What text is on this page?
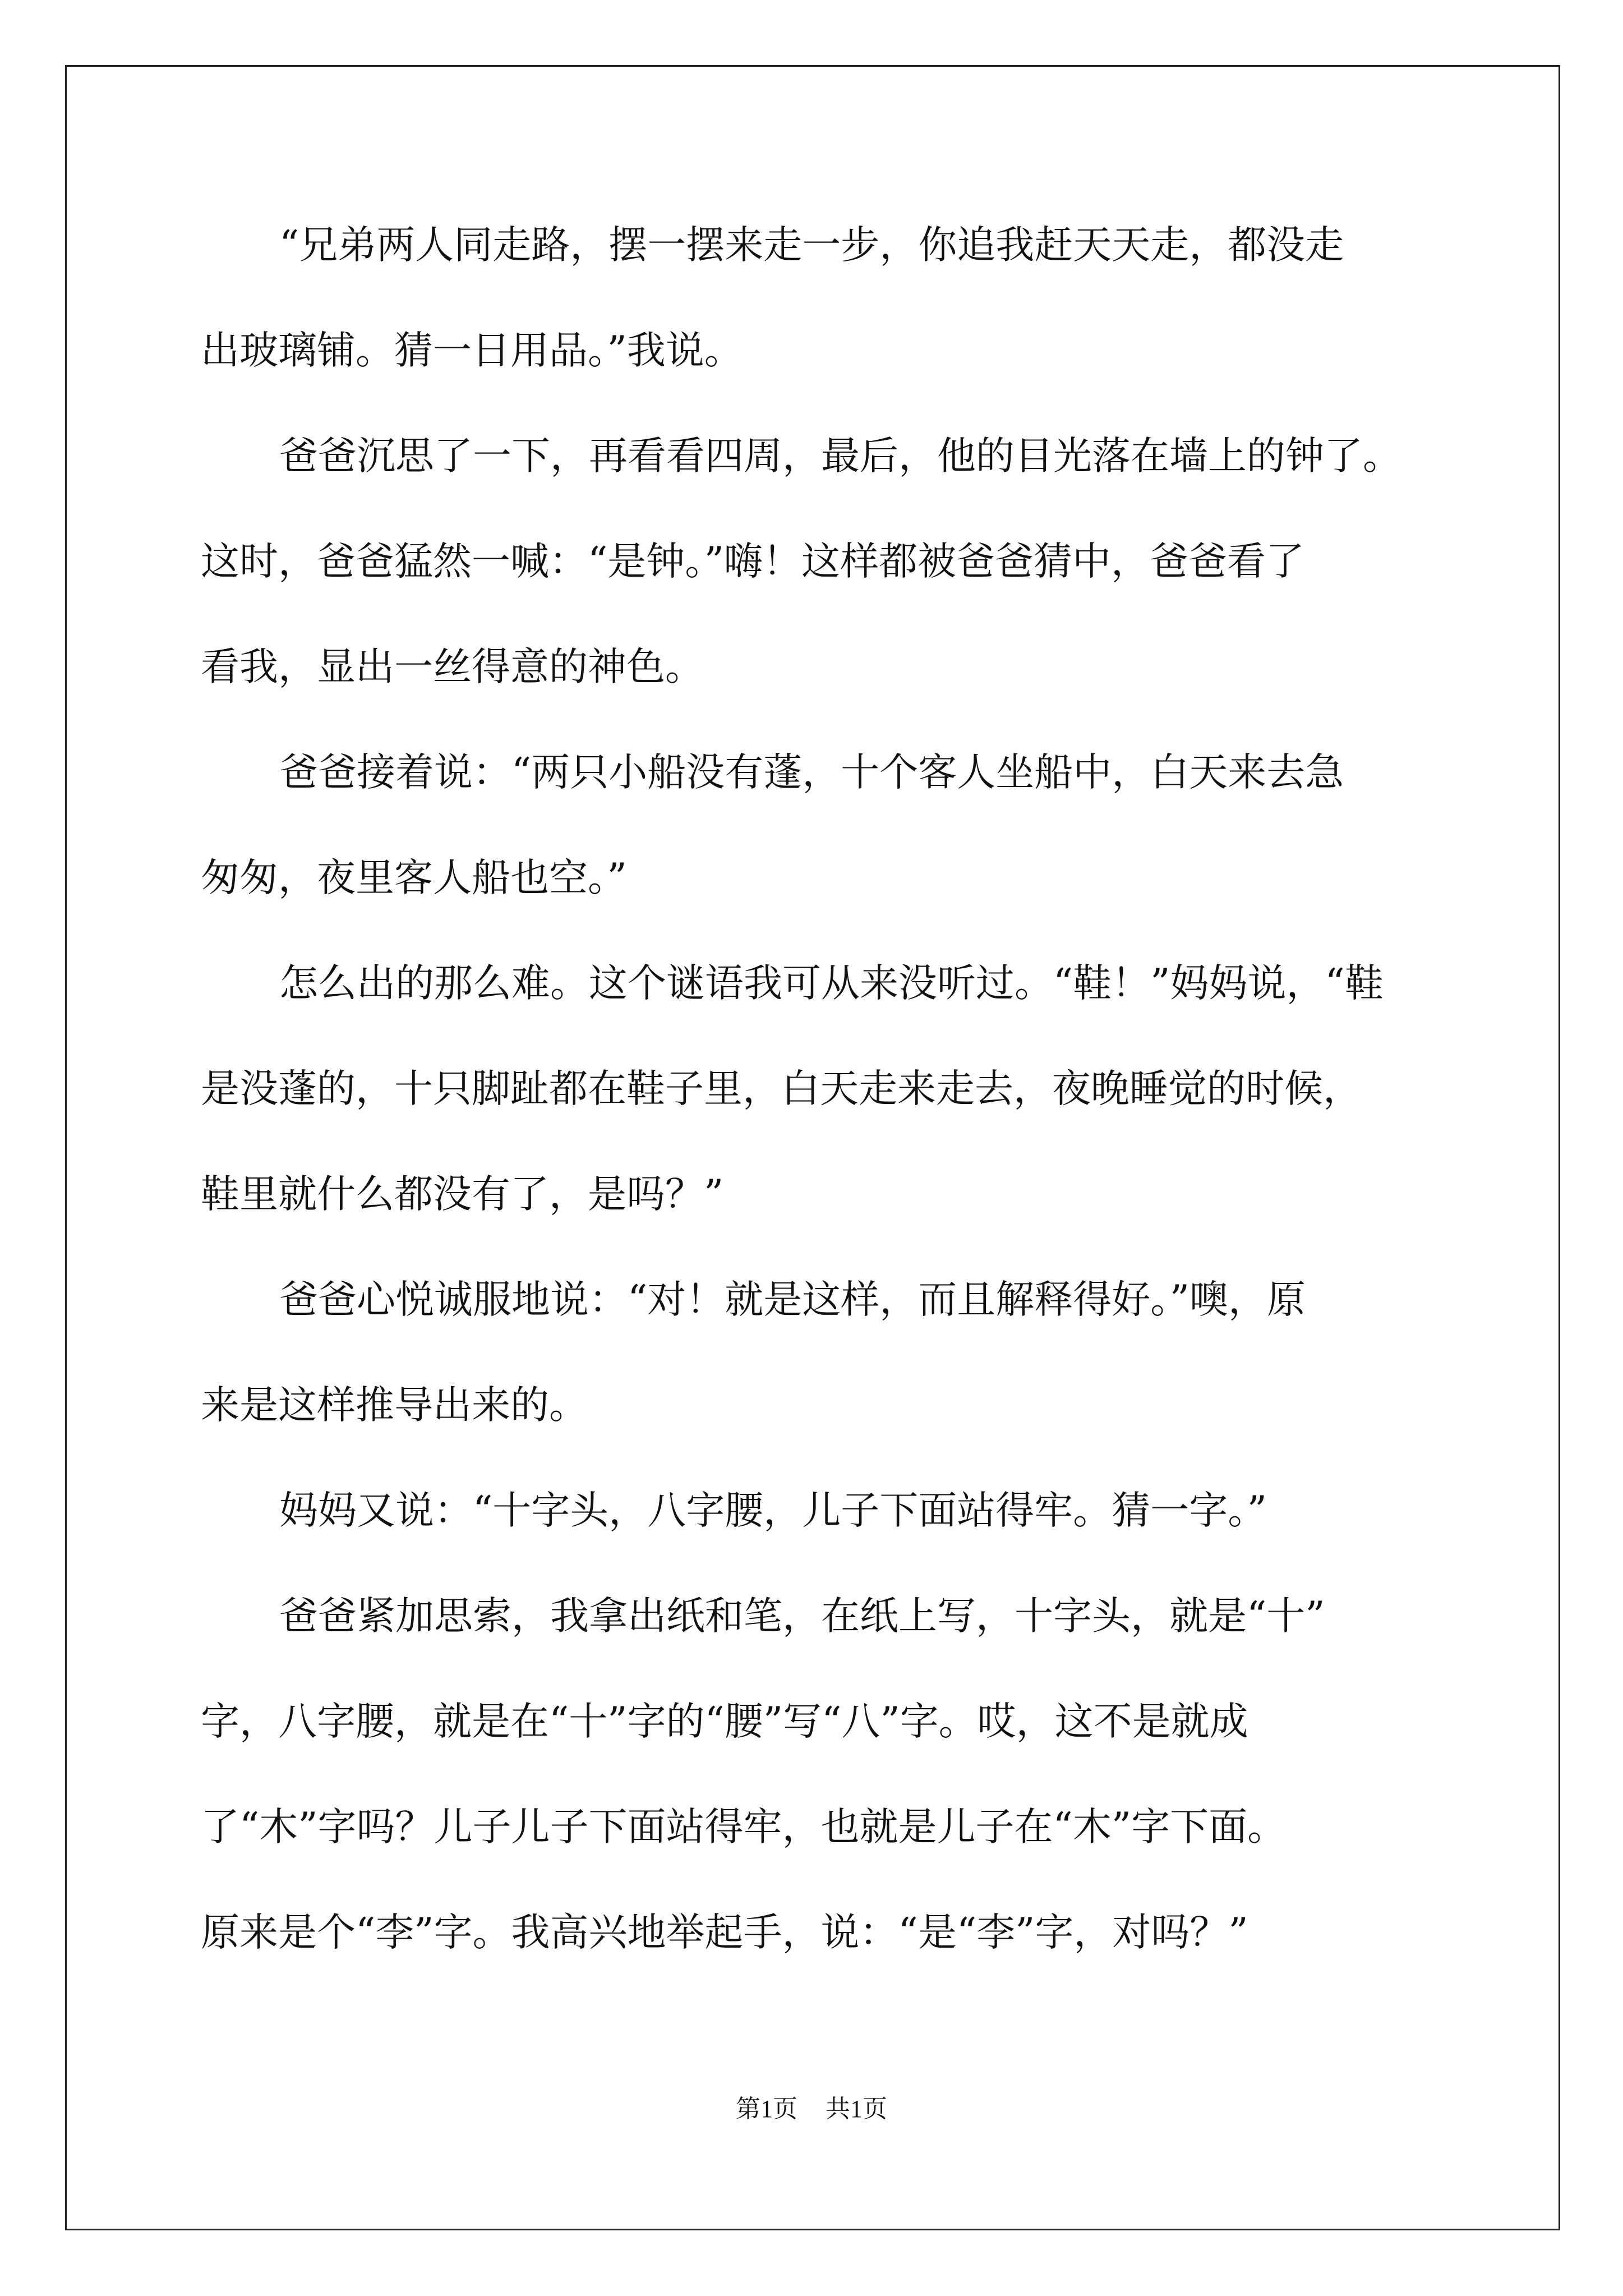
“兄弟两人同走路，摆一摆来走一步，你追我赶天天走，都没走
出玻璃铺。猜一日用品。”我说。
爸爸沉思了一下，再看看四周，最后，他的目光落在墙上的钟了。
这时，爸爸猛然一喊：“是钟。”嗨！这样都被爸爸猜中，爸爸看了
看我，显出一丝得意的神色。
爸爸接着说：“两只小船没有蓬，十个客人坐船中，白天来去急
匆匆，夜里客人船也空。”
怎么出的那么难。这个谜语我可从来没听过。“鞋！”妈妈说，“鞋
是没蓬的，十只脚趾都在鞋子里，白天走来走去，夜晚睡觉的时候，
鞋里就什么都没有了，是吗？”
爸爸心悦诚服地说：“对！就是这样，而且解释得好。”噢，原
来是这样推导出来的。
妈妈又说：“十字头，八字腰，儿子下面站得牢。猜一字。”
爸爸紧加思索，我拿出纸和笔，在纸上写，十字头，就是“十”
字，八字腰，就是在“十”字的“腰”写“八”字。哎，这不是就成
了“木”字吗？儿子儿子下面站得牢，也就是儿子在“木”字下面。
原来是个“李”字。我高兴地举起手，说：“是“李”字，对吗？”
第1页 共1页
